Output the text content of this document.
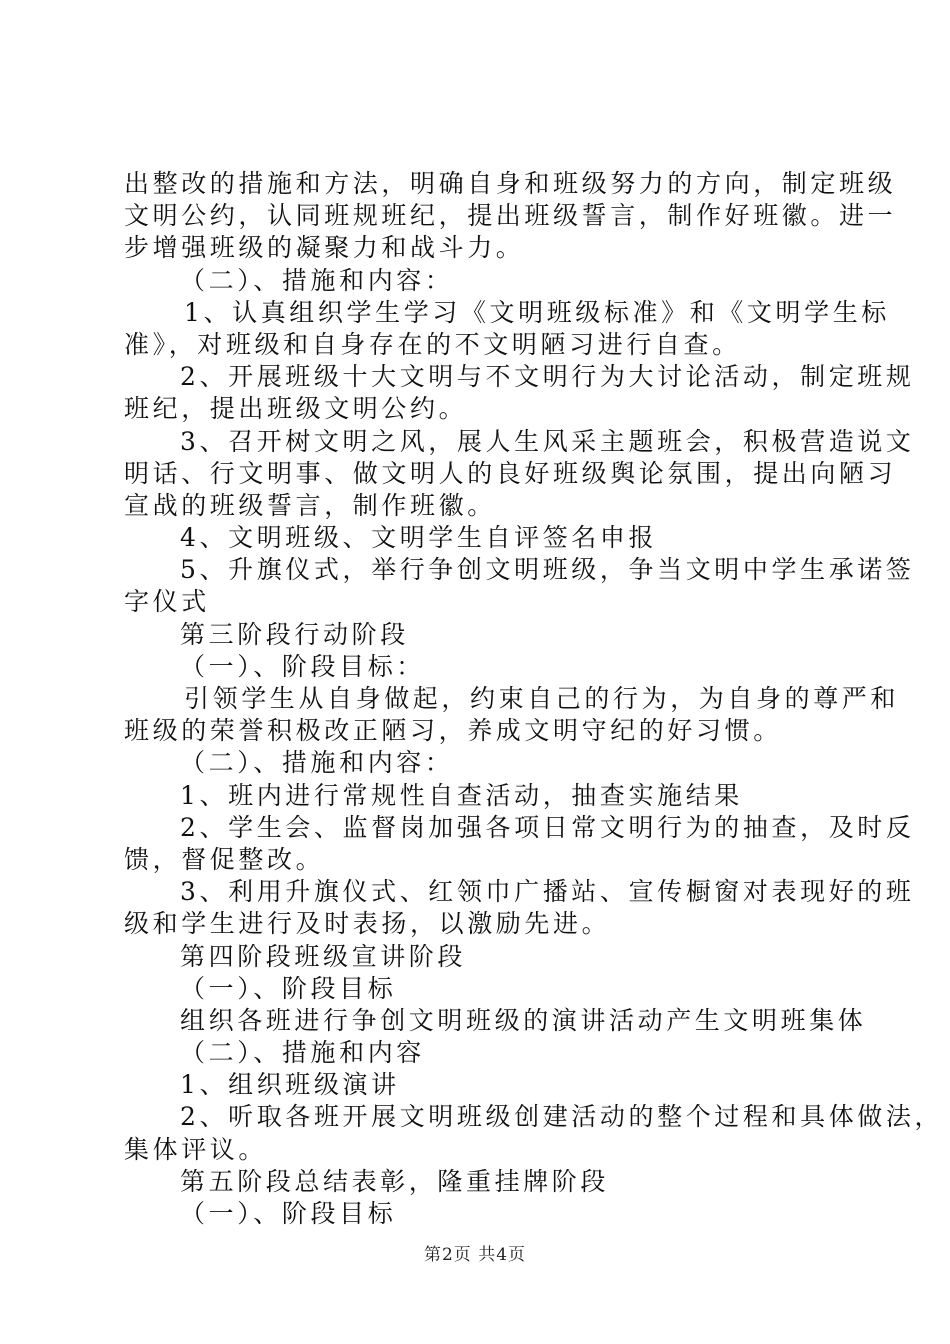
出整改的措施和方法，明确自身和班级努力的方向，制定班级
文明公约，认同班规班纪，提出班级誓言，制作好班徽。进一
步增强班级的凝聚力和战斗力。
（二）、措施和内容：
1、认真组织学生学习《文明班级标准》和《文明学生标
准》，对班级和自身存在的不文明陋习进行自查。
2、开展班级十大文明与不文明行为大讨论活动，制定班规
班纪，提出班级文明公约。
3、召开树文明之风，展人生风采主题班会，积极营造说文
明话、行文明事、做文明人的良好班级舆论氛围，提出向陋习
宣战的班级誓言，制作班徽。
4、文明班级、文明学生自评签名申报
5、升旗仪式，举行争创文明班级，争当文明中学生承诺签
字仪式
第三阶段行动阶段
（一）、阶段目标：
引领学生从自身做起，约束自己的行为，为自身的尊严和
班级的荣誉积极改正陋习，养成文明守纪的好习惯。
（二）、措施和内容：
1、班内进行常规性自查活动，抽查实施结果
2、学生会、监督岗加强各项日常文明行为的抽查，及时反
馈，督促整改。
3、利用升旗仪式、红领巾广播站、宣传橱窗对表现好的班
级和学生进行及时表扬，以激励先进。
第四阶段班级宣讲阶段
（一）、阶段目标
组织各班进行争创文明班级的演讲活动产生文明班集体
（二）、措施和内容
1、组织班级演讲
2、听取各班开展文明班级创建活动的整个过程和具体做法，
集体评议。
第五阶段总结表彰，隆重挂牌阶段
（一）、阶段目标
第2页 共4页
